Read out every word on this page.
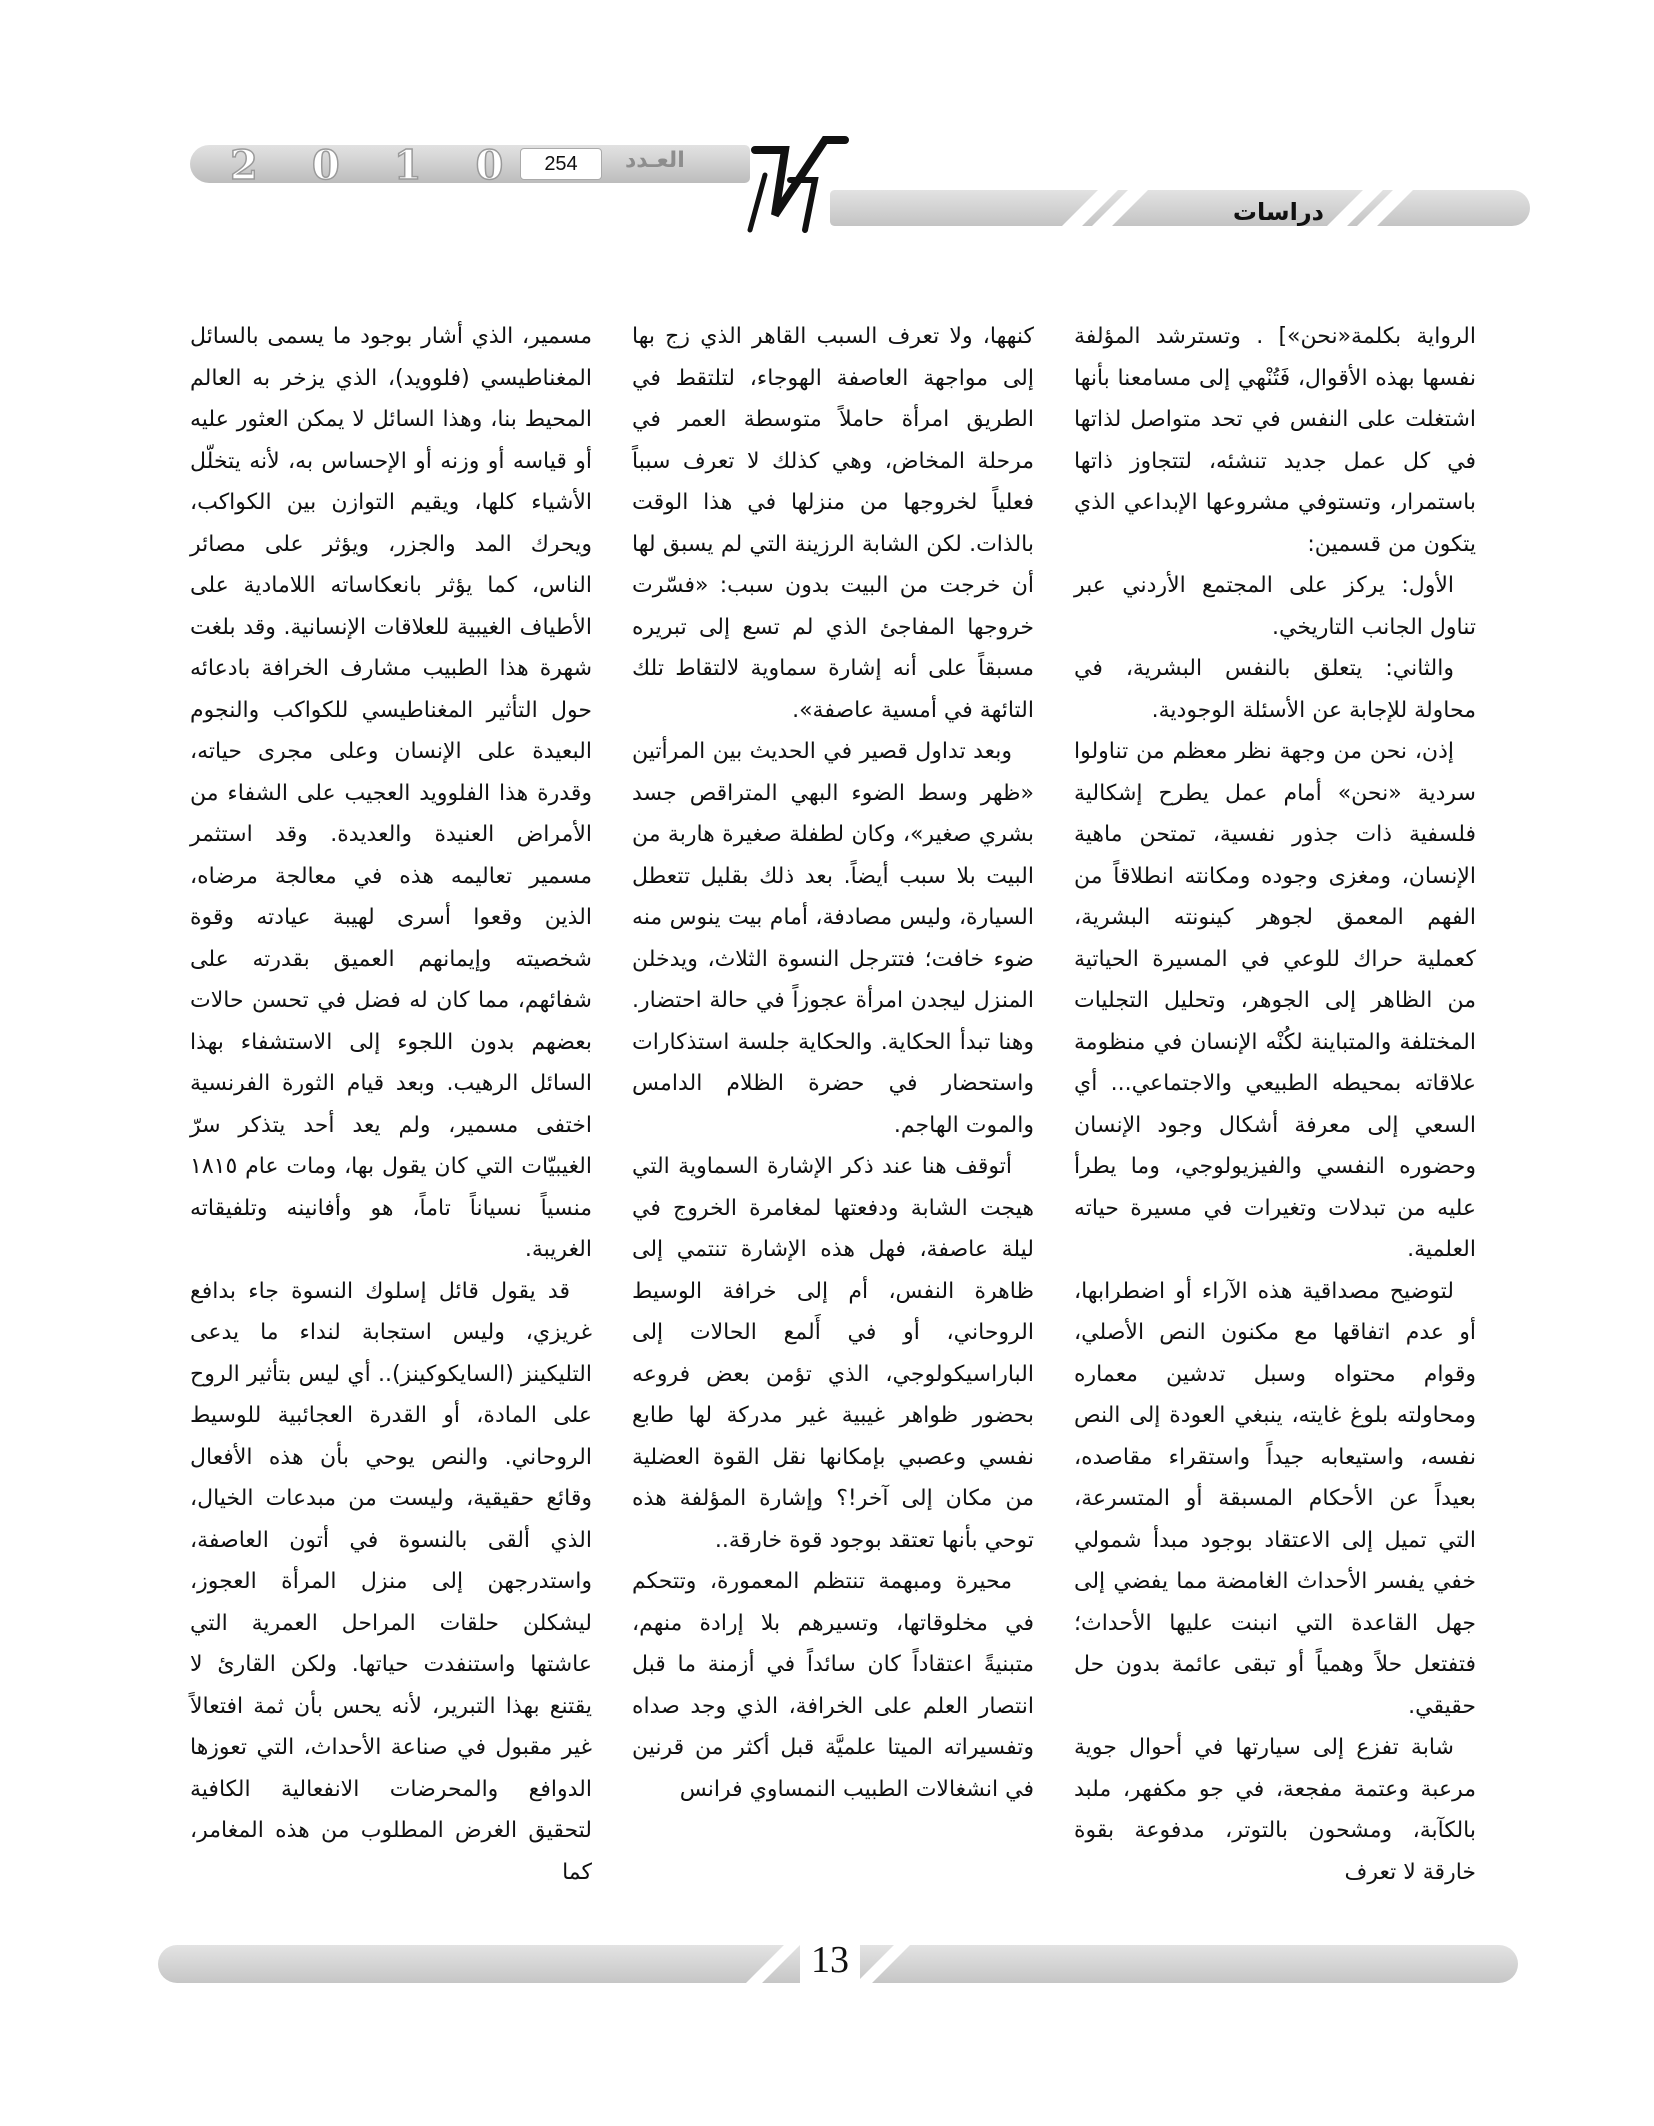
2 0 1 0	254	العـدد
دراسات

الرواية بكلمة«نحن»] . وتسترشد المؤلفة نفسها بهذه الأقوال، فَتُنْهي إلى مسامعنا بأنها اشتغلت على النفس في تحد متواصل لذاتها في كل عمل جديد تنشئه، لتتجاوز ذاتها باستمرار، وتستوفي مشروعها الإبداعي الذي يتكون من قسمين:

الأول: يركز على المجتمع الأردني عبر تناول الجانب التاريخي.

والثاني: يتعلق بالنفس البشرية، في محاولة للإجابة عن الأسئلة الوجودية.

إذن، نحن من وجهة نظر معظم من تناولوا سردية «نحن» أمام عمل يطرح إشكالية فلسفية ذات جذور نفسية، تمتحن ماهية الإنسان، ومغزى وجوده ومكانته انطلاقاً من الفهم المعمق لجوهر كينونته البشرية، كعملية حراك للوعي في المسيرة الحياتية من الظاهر إلى الجوهر، وتحليل التجليات المختلفة والمتباينة لكُنْه الإنسان في منظومة علاقاته بمحيطه الطبيعي والاجتماعي... أي السعي إلى معرفة أشكال وجود الإنسان وحضوره النفسي والفيزيولوجي، وما يطرأ عليه من تبدلات وتغيرات في مسيرة حياته العلمية.

لتوضيح مصداقية هذه الآراء أو اضطرابها، أو عدم اتفاقها مع مكنون النص الأصلي، وقوام محتواه وسبل تدشين معماره ومحاولته بلوغ غايته، ينبغي العودة إلى النص نفسه، واستيعابه جيداً واستقراء مقاصده، بعيداً عن الأحكام المسبقة أو المتسرعة، التي تميل إلى الاعتقاد بوجود مبدأ شمولي خفي يفسر الأحداث الغامضة مما يفضي إلى جهل القاعدة التي انبنت عليها الأحداث؛ فتفتعل حلاً وهمياً أو تبقى عائمة بدون حل حقيقي.

شابة تفزع إلى سيارتها في أحوال جوية مرعبة وعتمة مفجعة، في جو مكفهر، ملبد بالكآبة، ومشحون بالتوتر، مدفوعة بقوة خارقة لا تعرف

كنهها، ولا تعرف السبب القاهر الذي زج بها إلى مواجهة العاصفة الهوجاء، لتلتقط في الطريق امرأة حاملاً متوسطة العمر في مرحلة المخاض، وهي كذلك لا تعرف سبباً فعلياً لخروجها من منزلها في هذا الوقت بالذات. لكن الشابة الرزينة التي لم يسبق لها أن خرجت من البيت بدون سبب: «فسّرت خروجها المفاجئ الذي لم تسع إلى تبريره مسبقاً على أنه إشارة سماوية لالتقاط تلك التائهة في أمسية عاصفة».

وبعد تداول قصير في الحديث بين المرأتين «ظهر وسط الضوء البهي المتراقص جسد بشري صغير»، وكان لطفلة صغيرة هاربة من البيت بلا سبب أيضاً. بعد ذلك بقليل تتعطل السيارة، وليس مصادفة، أمام بيت ينوس منه ضوء خافت؛ فتترجل النسوة الثلاث، ويدخلن المنزل ليجدن امرأة عجوزاً في حالة احتضار. وهنا تبدأ الحكاية. والحكاية جلسة استذكارات واستحضار في حضرة الظلام الدامس والموت الهاجم.

أتوقف هنا عند ذكر الإشارة السماوية التي هيجت الشابة ودفعتها لمغامرة الخروج في ليلة عاصفة، فهل هذه الإشارة تنتمي إلى ظاهرة النفس، أم إلى خرافة الوسيط الروحاني، أو في أَلمع الحالات إلى الباراسيكولوجي، الذي تؤمن بعض فروعه بحضور ظواهر غيبية غير مدركة لها طابع نفسي وعصبي بإمكانها نقل القوة العضلية من مكان إلى آخر!؟ وإشارة المؤلفة هذه توحي بأنها تعتقد بوجود قوة خارقة..

محيرة ومبهمة تنتظم المعمورة، وتتحكم في مخلوقاتها، وتسيرهم بلا إرادة منهم، متبنيةً اعتقاداً كان سائداً في أزمنة ما قبل انتصار العلم على الخرافة، الذي وجد صداه وتفسيراته الميتا علميَّة قبل أكثر من قرنين في انشغالات الطبيب النمساوي فرانس

مسمير، الذي أشار بوجود ما يسمى بالسائل المغناطيسي (فلوويد)، الذي يزخر به العالم المحيط بنا، وهذا السائل لا يمكن العثور عليه أو قياسه أو وزنه أو الإحساس به، لأنه يتخلّل الأشياء كلها، ويقيم التوازن بين الكواكب، ويحرك المد والجزر، ويؤثر على مصائر الناس، كما يؤثر بانعكاساته اللامادية على الأطياف الغيبية للعلاقات الإنسانية. وقد بلغت شهرة هذا الطبيب مشارف الخرافة بادعائه حول التأثير المغناطيسي للكواكب والنجوم البعيدة على الإنسان وعلى مجرى حياته، وقدرة هذا الفلوويد العجيب على الشفاء من الأمراض العنيدة والعديدة. وقد استثمر مسمير تعاليمه هذه في معالجة مرضاه، الذين وقعوا أسرى لهيبة عيادته وقوة شخصيته وإيمانهم العميق بقدرته على شفائهم، مما كان له فضل في تحسن حالات بعضهم بدون اللجوء إلى الاستشفاء بهذا السائل الرهيب. وبعد قيام الثورة الفرنسية اختفى مسمير، ولم يعد أحد يتذكر سرّ الغيبيّات التي كان يقول بها، ومات عام ١٨١٥ منسياً نسياناً تاماً، هو وأفانينه وتلفيقاته الغريبة.

قد يقول قائل إسلوك النسوة جاء بدافع غريزي، وليس استجابة لنداء ما يدعى التليكينز (السايكوكينز).. أي ليس بتأثير الروح على المادة، أو القدرة العجائبية للوسيط الروحاني. والنص يوحي بأن هذه الأفعال وقائع حقيقية، وليست من مبدعات الخيال، الذي ألقى بالنسوة في أتون العاصفة، واستدرجهن إلى منزل المرأة العجوز، ليشكلن حلقات المراحل العمرية التي عاشتها واستنفدت حياتها. ولكن القارئ لا يقتنع بهذا التبرير، لأنه يحس بأن ثمة افتعالاً غير مقبول في صناعة الأحداث، التي تعوزها الدوافع والمحرضات الانفعالية الكافية لتحقيق الغرض المطلوب من هذه المغامر، كما

13
